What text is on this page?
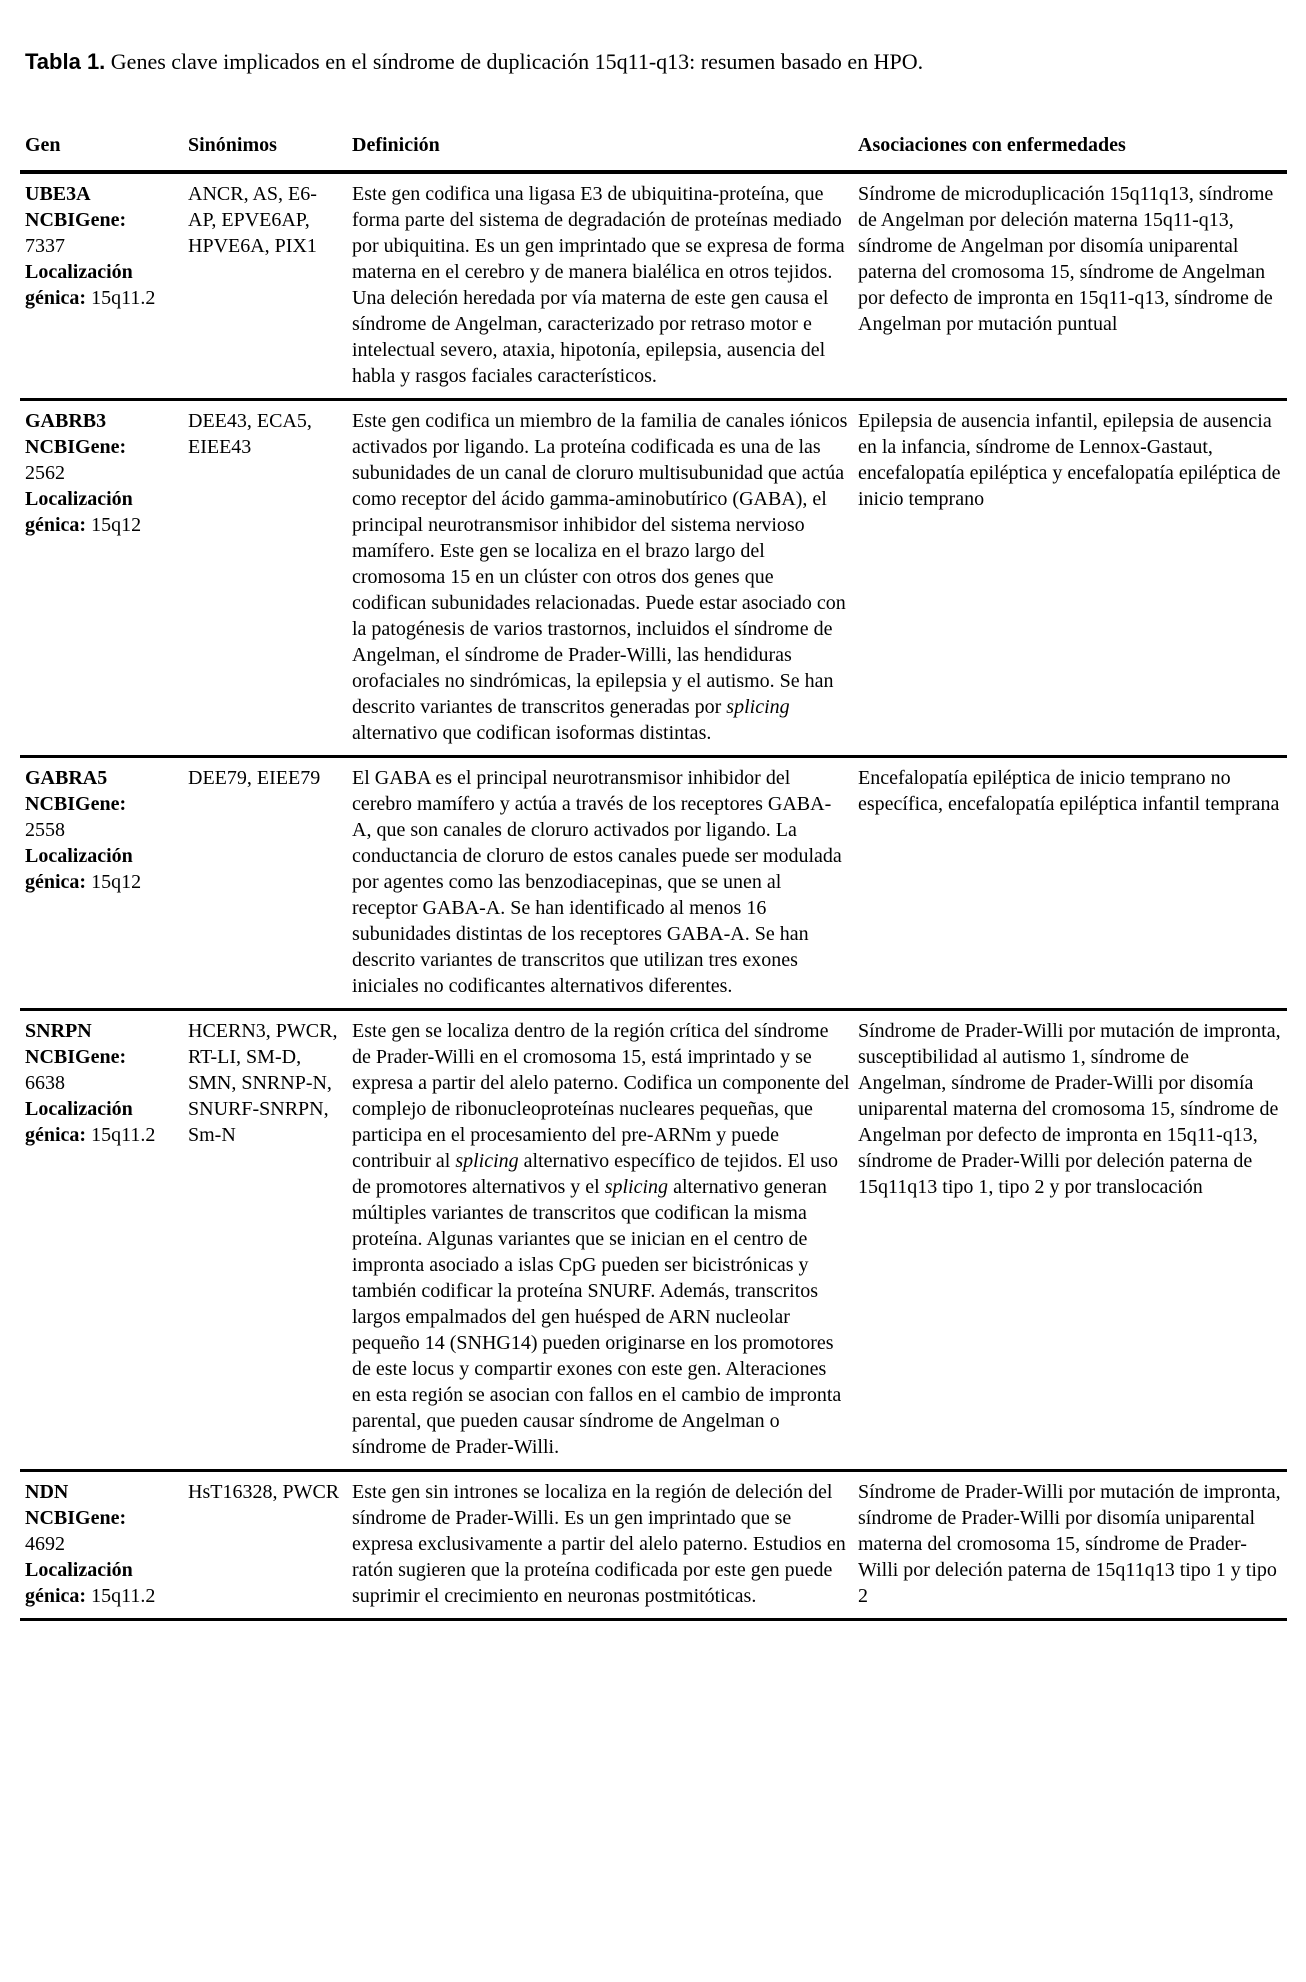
Tabla 1. Genes clave implicados en el síndrome de duplicación 15q11-q13: resumen basado en HPO.

Gen	Sinónimos	Definición	Asociaciones con enfermedades

UBE3A
NCBIGene:
7337
Localización génica: 15q11.2
	ANCR, AS, E6-AP, EPVE6AP, HPVE6A, PIX1	Este gen codifica una ligasa E3 de ubiquitina-proteína, que forma parte del sistema de degradación de proteínas mediado por ubiquitina. Es un gen imprintado que se expresa de forma materna en el cerebro y de manera bialélica en otros tejidos. Una deleción heredada por vía materna de este gen causa el síndrome de Angelman, caracterizado por retraso motor e intelectual severo, ataxia, hipotonía, epilepsia, ausencia del habla y rasgos faciales característicos.	Síndrome de microduplicación 15q11q13, síndrome de Angelman por deleción materna 15q11-q13, síndrome de Angelman por disomía uniparental paterna del cromosoma 15, síndrome de Angelman por defecto de impronta en 15q11-q13, síndrome de Angelman por mutación puntual

GABRB3
NCBIGene:
2562
Localización génica: 15q12
	DEE43, ECA5, EIEE43	Este gen codifica un miembro de la familia de canales iónicos activados por ligando. La proteína codificada es una de las subunidades de un canal de cloruro multisubunidad que actúa como receptor del ácido gamma-aminobutírico (GABA), el principal neurotransmisor inhibidor del sistema nervioso mamífero. Este gen se localiza en el brazo largo del cromosoma 15 en un clúster con otros dos genes que codifican subunidades relacionadas. Puede estar asociado con la patogénesis de varios trastornos, incluidos el síndrome de Angelman, el síndrome de Prader-Willi, las hendiduras orofaciales no sindrómicas, la epilepsia y el autismo. Se han descrito variantes de transcritos generadas por splicing alternativo que codifican isoformas distintas.	Epilepsia de ausencia infantil, epilepsia de ausencia en la infancia, síndrome de Lennox-Gastaut, encefalopatía epiléptica y encefalopatía epiléptica de inicio temprano

GABRA5
NCBIGene:
2558
Localización génica: 15q12
	DEE79, EIEE79	El GABA es el principal neurotransmisor inhibidor del cerebro mamífero y actúa a través de los receptores GABA-A, que son canales de cloruro activados por ligando. La conductancia de cloruro de estos canales puede ser modulada por agentes como las benzodiacepinas, que se unen al receptor GABA-A. Se han identificado al menos 16 subunidades distintas de los receptores GABA-A. Se han descrito variantes de transcritos que utilizan tres exones iniciales no codificantes alternativos diferentes.	Encefalopatía epiléptica de inicio temprano no específica, encefalopatía epiléptica infantil temprana

SNRPN
NCBIGene:
6638
Localización génica: 15q11.2
	HCERN3, PWCR, RT-LI, SM-D, SMN, SNRNP-N, SNURF-SNRPN, Sm-N	Este gen se localiza dentro de la región crítica del síndrome de Prader-Willi en el cromosoma 15, está imprintado y se expresa a partir del alelo paterno. Codifica un componente del complejo de ribonucleoproteínas nucleares pequeñas, que participa en el procesamiento del pre-ARNm y puede contribuir al splicing alternativo específico de tejidos. El uso de promotores alternativos y el splicing alternativo generan múltiples variantes de transcritos que codifican la misma proteína. Algunas variantes que se inician en el centro de impronta asociado a islas CpG pueden ser bicistrónicas y también codificar la proteína SNURF. Además, transcritos largos empalmados del gen huésped de ARN nucleolar pequeño 14 (SNHG14) pueden originarse en los promotores de este locus y compartir exones con este gen. Alteraciones en esta región se asocian con fallos en el cambio de impronta parental, que pueden causar síndrome de Angelman o síndrome de Prader-Willi.	Síndrome de Prader-Willi por mutación de impronta, susceptibilidad al autismo 1, síndrome de Angelman, síndrome de Prader-Willi por disomía uniparental materna del cromosoma 15, síndrome de Angelman por defecto de impronta en 15q11-q13, síndrome de Prader-Willi por deleción paterna de 15q11q13 tipo 1, tipo 2 y por translocación

NDN
NCBIGene:
4692
Localización génica: 15q11.2
	HsT16328, PWCR	Este gen sin intrones se localiza en la región de deleción del síndrome de Prader-Willi. Es un gen imprintado que se expresa exclusivamente a partir del alelo paterno. Estudios en ratón sugieren que la proteína codificada por este gen puede suprimir el crecimiento en neuronas postmitóticas.	Síndrome de Prader-Willi por mutación de impronta, síndrome de Prader-Willi por disomía uniparental materna del cromosoma 15, síndrome de Prader-Willi por deleción paterna de 15q11q13 tipo 1 y tipo 2
